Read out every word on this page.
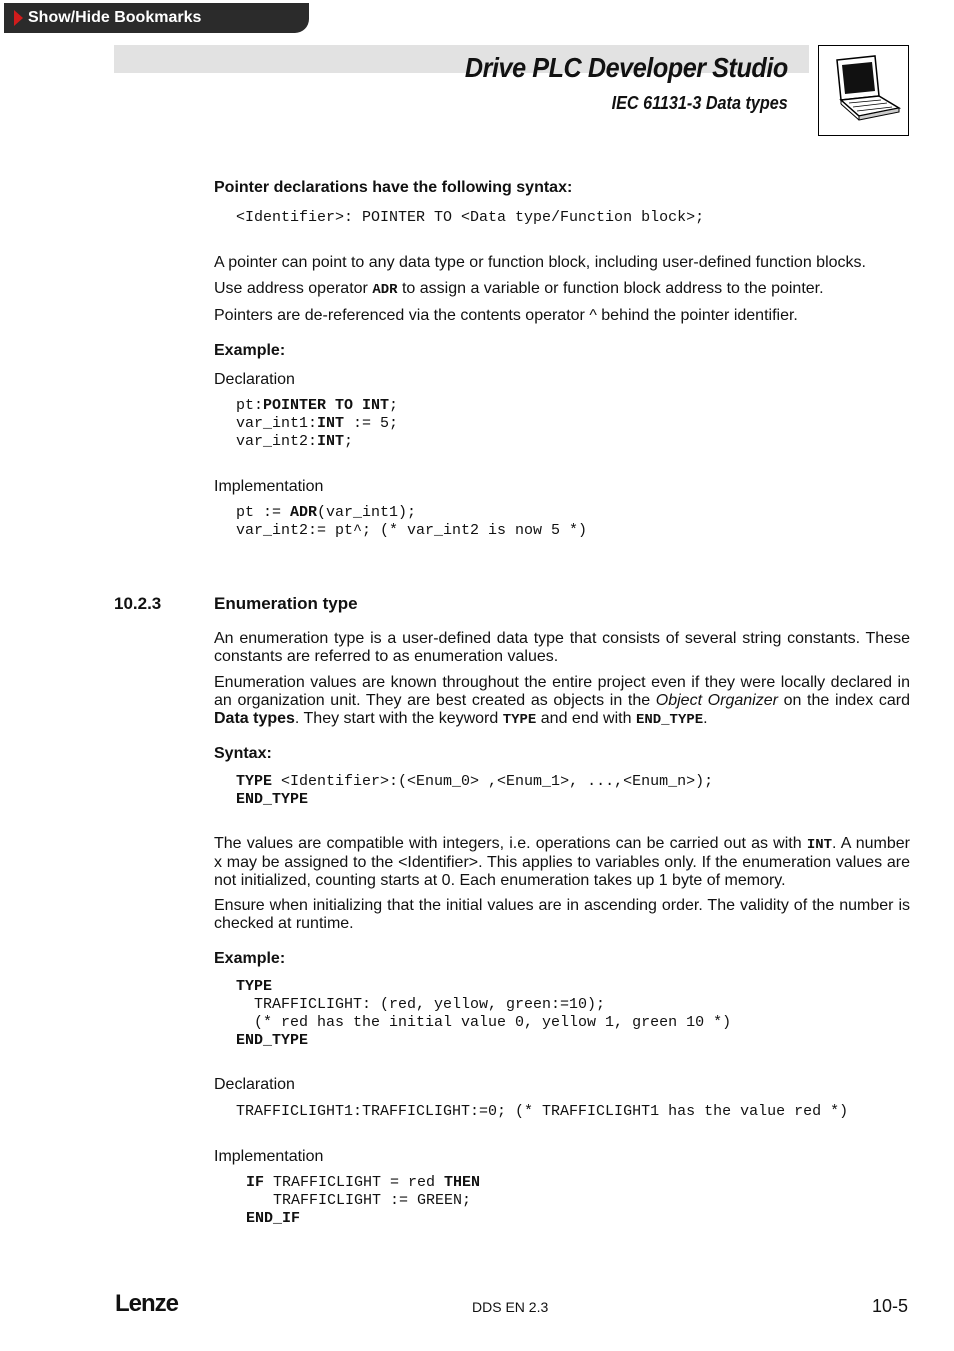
Show/Hide Bookmarks
Drive PLC Developer Studio
IEC 61131-3 Data types
Pointer declarations have the following syntax:
<Identifier>: POINTER TO <Data type/Function block>;
A pointer can point to any data type or function block, including user-defined function blocks.
Use address operator ADR to assign a variable or function block address to the pointer.
Pointers are de-referenced via the contents operator ^ behind the pointer identifier.
Example:
Declaration
pt:POINTER TO INT;
var_int1:INT := 5;
var_int2:INT;
Implementation
pt := ADR(var_int1);
var_int2:= pt^; (* var_int2 is now 5 *)
An enumeration type is a user-defined data type that consists of several string constants. These constants are referred to as enumeration values.
Enumeration values are known throughout the entire project even if they were locally declared in an organization unit. They are best created as objects in the Object Organizer on the index card Data types. They start with the keyword TYPE and end with END_TYPE.
Syntax:
TYPE <Identifier>:(<Enum_0> ,<Enum_1>, ...,<Enum_n>);
END_TYPE
The values are compatible with integers, i.e. operations can be carried out as with INT. A number x may be assigned to the <Identifier>. This applies to variables only. If the enumeration values are not initialized, counting starts at 0. Each enumeration takes up 1 byte of memory.
Ensure when initializing that the initial values are in ascending order. The validity of the number is checked at runtime.
Example:
TYPE
TRAFFICLIGHT: (red, yellow, green:=10);
(* red has the initial value 0, yellow 1, green 10 *)
END_TYPE
Declaration
TRAFFICLIGHT1:TRAFFICLIGHT:=0; (* TRAFFICLIGHT1 has the value red *)
Implementation
IF TRAFFICLIGHT = red THEN
TRAFFICLIGHT := GREEN;
END_IF
10.2.3	Enumeration type
Lenze	DDS EN 2.3	10-5
